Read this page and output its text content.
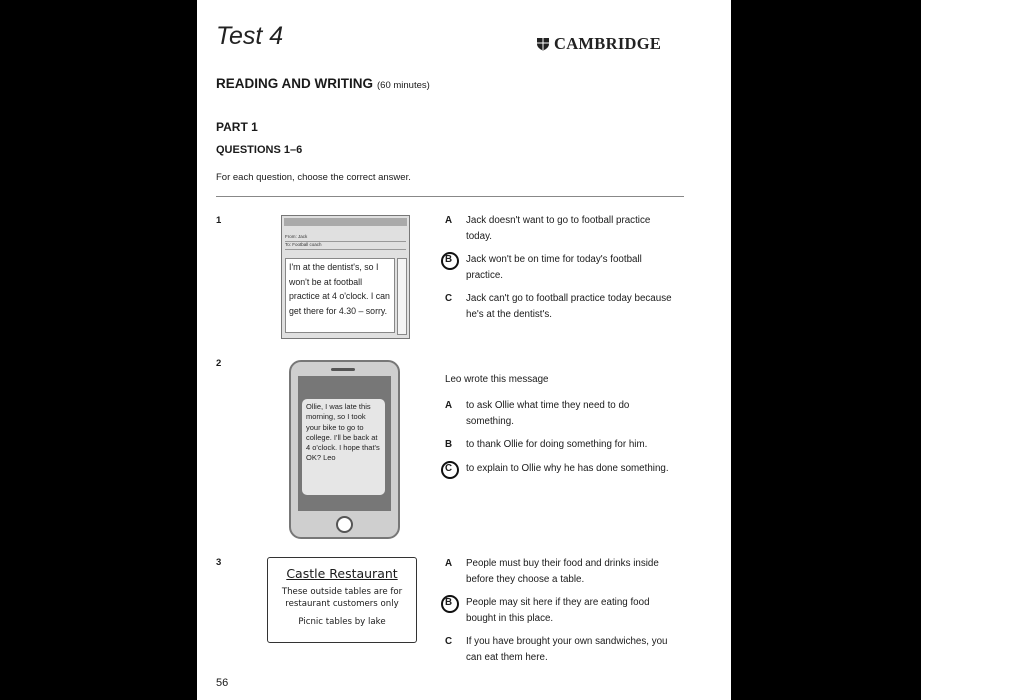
Test 4	CAMBRIDGE
READING AND WRITING (60 minutes)
PART 1
QUESTIONS 1–6
For each question, choose the correct answer.
1
From: Jack
To: Football coach
I'm at the dentist's, so I won't be at football practice at 4 o'clock. I can get there for 4.30 – sorry.
A	Jack doesn't want to go to football practice today.
B	Jack won't be on time for today's football practice.
C	Jack can't go to football practice today because he's at the dentist's.
2
Ollie, I was late this morning, so I took your bike to go to college. I'll be back at 4 o'clock. I hope that's OK? Leo
Leo wrote this message
A	to ask Ollie what time they need to do something.
B	to thank Ollie for doing something for him.
C	to explain to Ollie why he has done something.
3
Castle Restaurant
These outside tables are for restaurant customers only
Picnic tables by lake
A	People must buy their food and drinks inside before they choose a table.
B	People may sit here if they are eating food bought in this place.
C	If you have brought your own sandwiches, you can eat them here.
56
